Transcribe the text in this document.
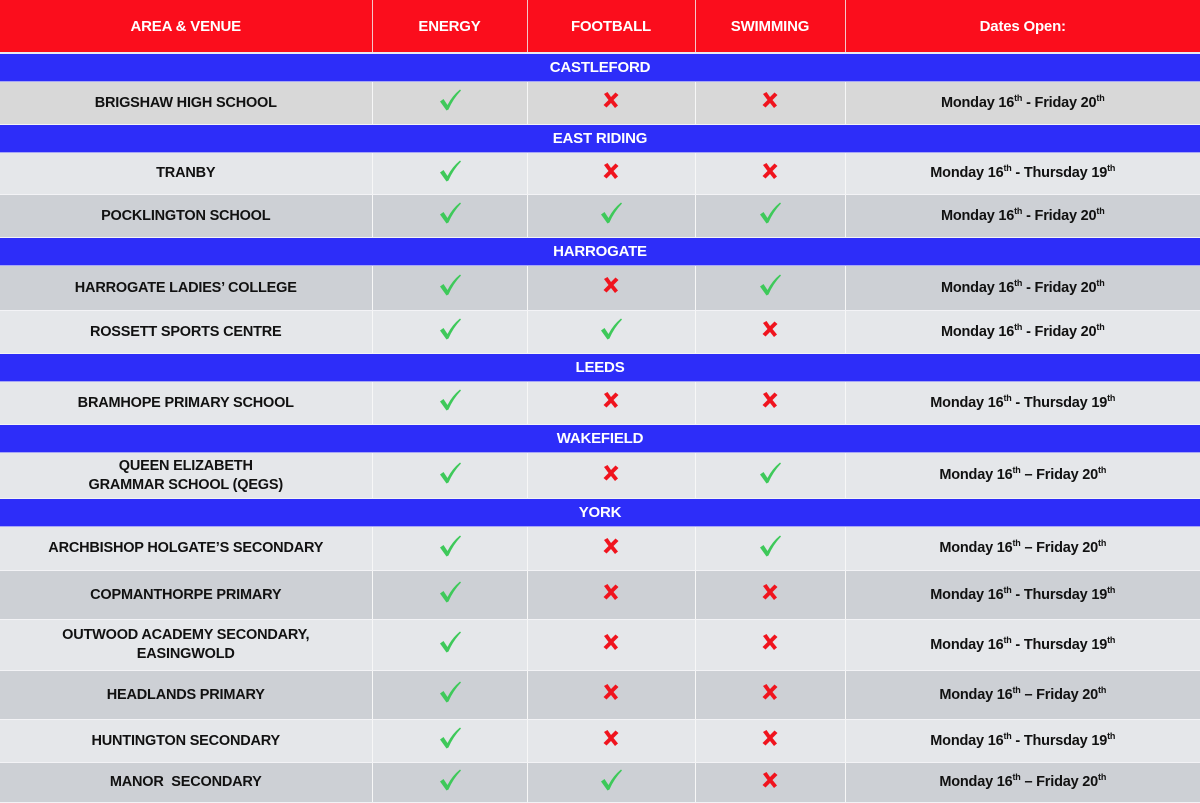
AREA & VENUE	ENERGY	FOOTBALL	SWIMMING	Dates Open:
CASTLEFORD				
BRIGSHAW HIGH SCHOOL				Monday 16th - Friday 20th
EAST RIDING				
TRANBY				Monday 16th - Thursday 19th
POCKLINGTON SCHOOL				Monday 16th - Friday 20th
HARROGATE				
HARROGATE LADIES’ COLLEGE				Monday 16th - Friday 20th
ROSSETT SPORTS CENTRE				Monday 16th - Friday 20th
LEEDS				
BRAMHOPE PRIMARY SCHOOL				Monday 16th - Thursday 19th
WAKEFIELD				
QUEEN ELIZABETH
GRAMMAR SCHOOL (QEGS)				Monday 16th – Friday 20th
YORK				
ARCHBISHOP HOLGATE’S SECONDARY				Monday 16th – Friday 20th
COPMANTHORPE PRIMARY				Monday 16th - Thursday 19th
OUTWOOD ACADEMY SECONDARY,
EASINGWOLD				Monday 16th - Thursday 19th
HEADLANDS PRIMARY				Monday 16th – Friday 20th
HUNTINGTON SECONDARY				Monday 16th - Thursday 19th
MANOR  SECONDARY				Monday 16th – Friday 20th
